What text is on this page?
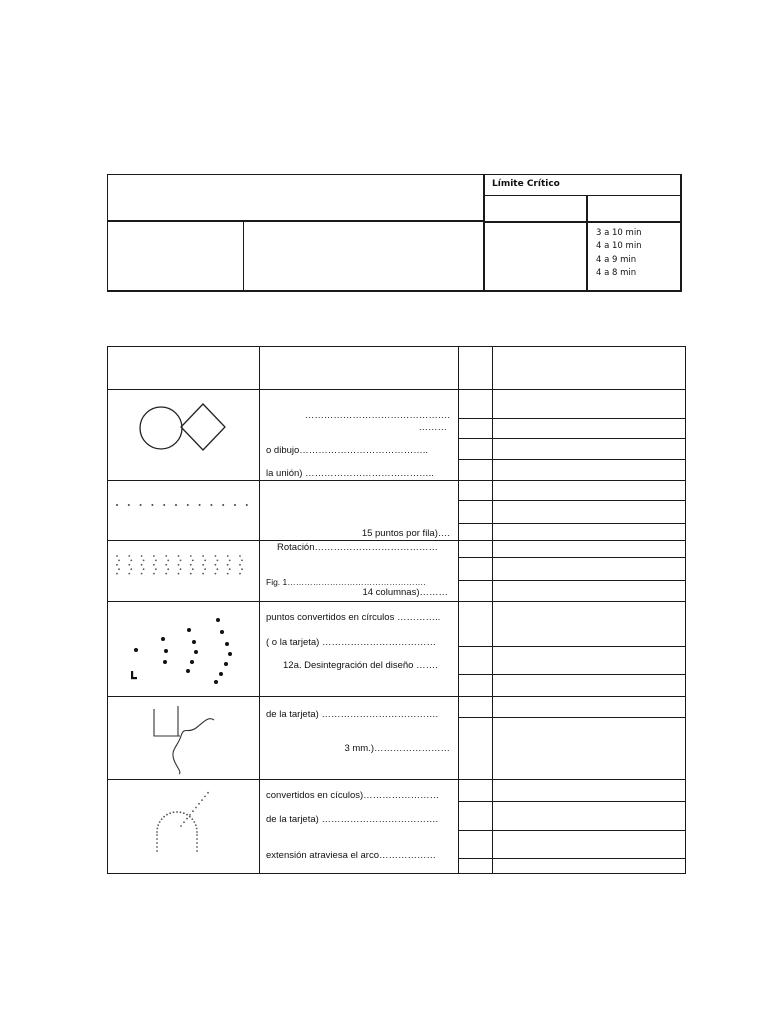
Límite Crítico
3 a 10 min
4 a 10 min
4 a 9 min
4 a 8 min
……………………………………….
………
o dibujo…………………………………..
la unión) …………………………………..
15 puntos por fila)….
Rotación…………………………………
Fig. 1………………………………………….
14 columnas)………
puntos convertidos en círculos …………..
( o la tarjeta) ………………………………
12a. Desintegración del diseño …….
de la tarjeta) ……………………………….
3 mm.)……………………
convertidos en cículos)……………………
de la tarjeta) ……………………………….
extensión atraviesa el arco………………
